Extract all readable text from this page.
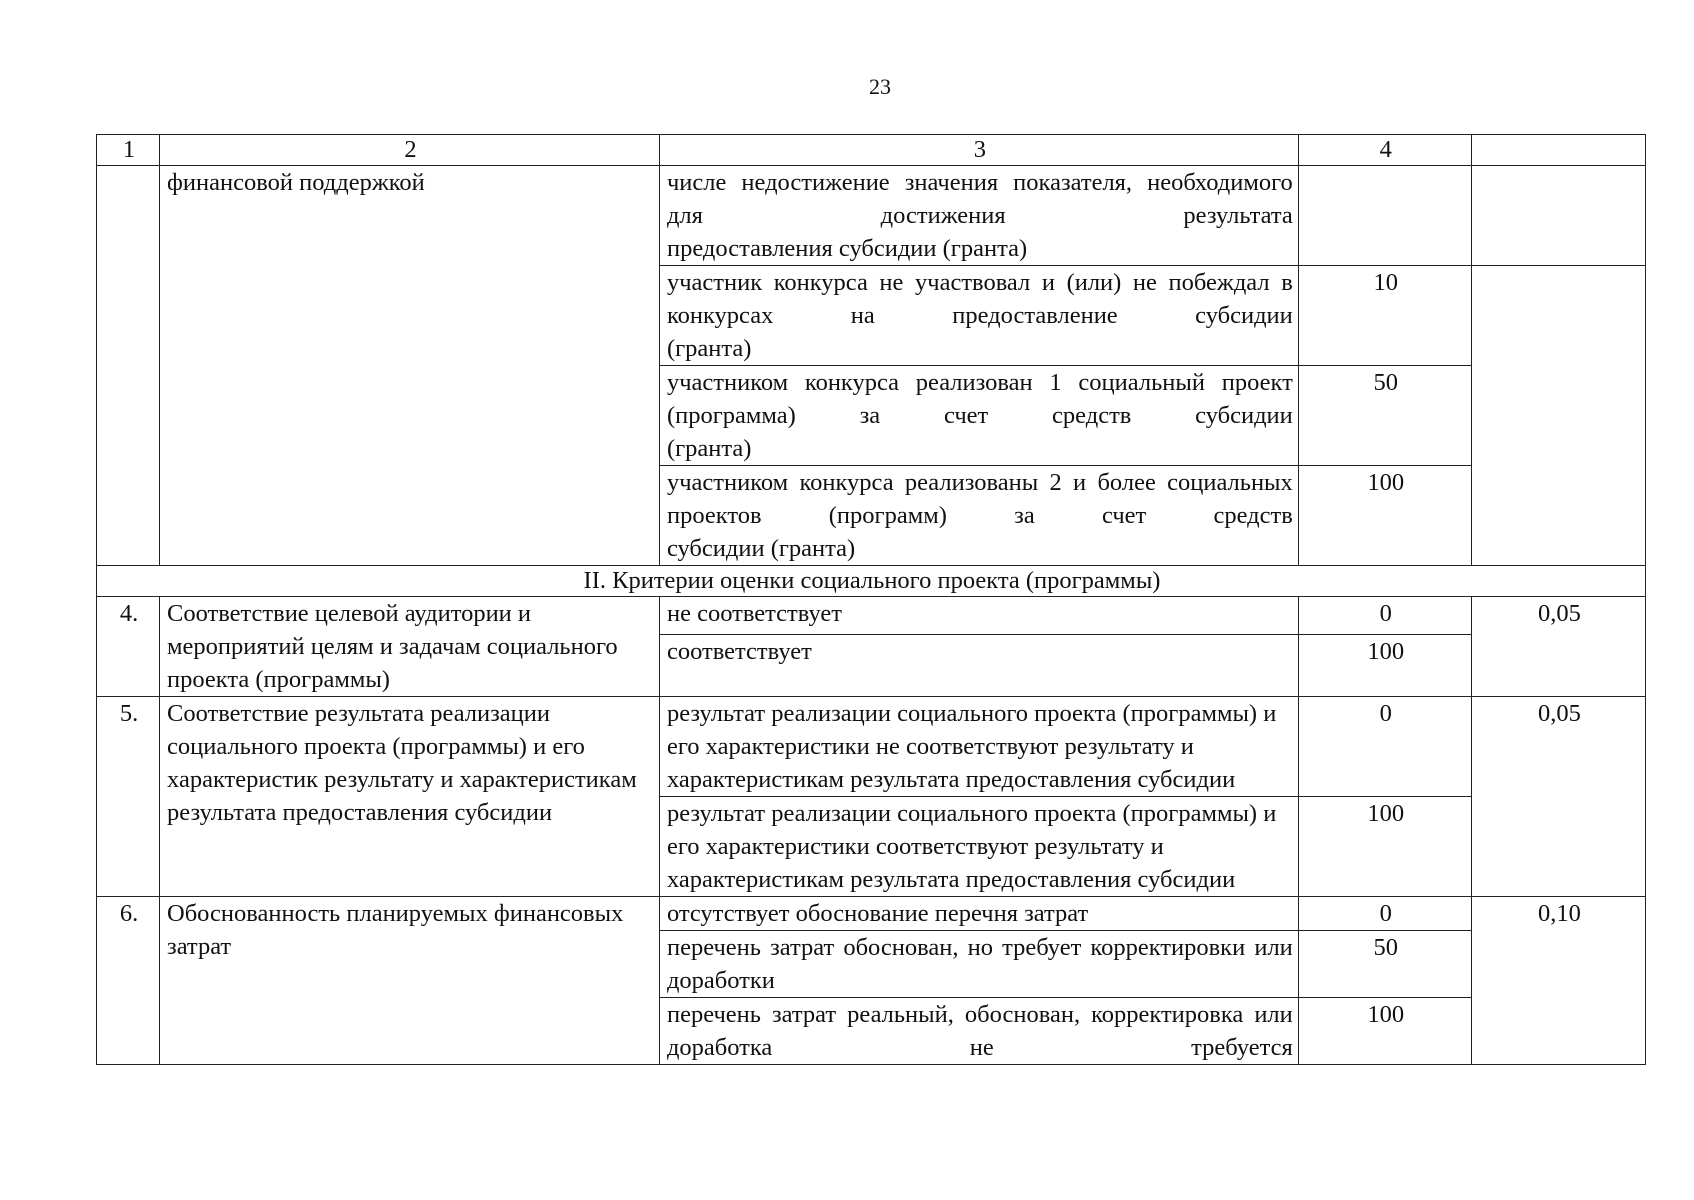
23
1	2	3	4	
	финансовой поддержкой	числе недостижение значения показателя, необходимого для достижения результата
предоставления субсидии (гранта)		

		участник конкурса не участвовал и (или) не побеждал в конкурсах на предоставление субсидии
(гранта)	10	
		участником конкурса реализован 1 социальный проект (программа) за счет средств субсидии
(гранта)	50	
		участником конкурса реализованы 2 и более социальных проектов (программ) за счет средств
субсидии (гранта)	100	
II. Критерии оценки социального проекта (программы)				
4.	Соответствие целевой аудитории и мероприятий целям и задачам социального проекта (программы)	не соответствует	0	0,05
		соответствует	100	
5.	Соответствие результата реализации социального проекта (программы) и его характеристик результату и характеристикам результата предоставления субсидии	результат реализации социального проекта (программы) и его характеристики не соответствуют результату и характеристикам результата предоставления субсидии	0	0,05
		результат реализации социального проекта (программы) и его характеристики соответствуют результату и характеристикам результата предоставления субсидии	100	
6.	Обоснованность планируемых финансовых затрат	отсутствует обоснование перечня затрат	0	0,10
		перечень затрат обоснован, но требует корректировки или доработки	50	
		перечень затрат реальный, обоснован, корректировка или доработка не требуется	100	
